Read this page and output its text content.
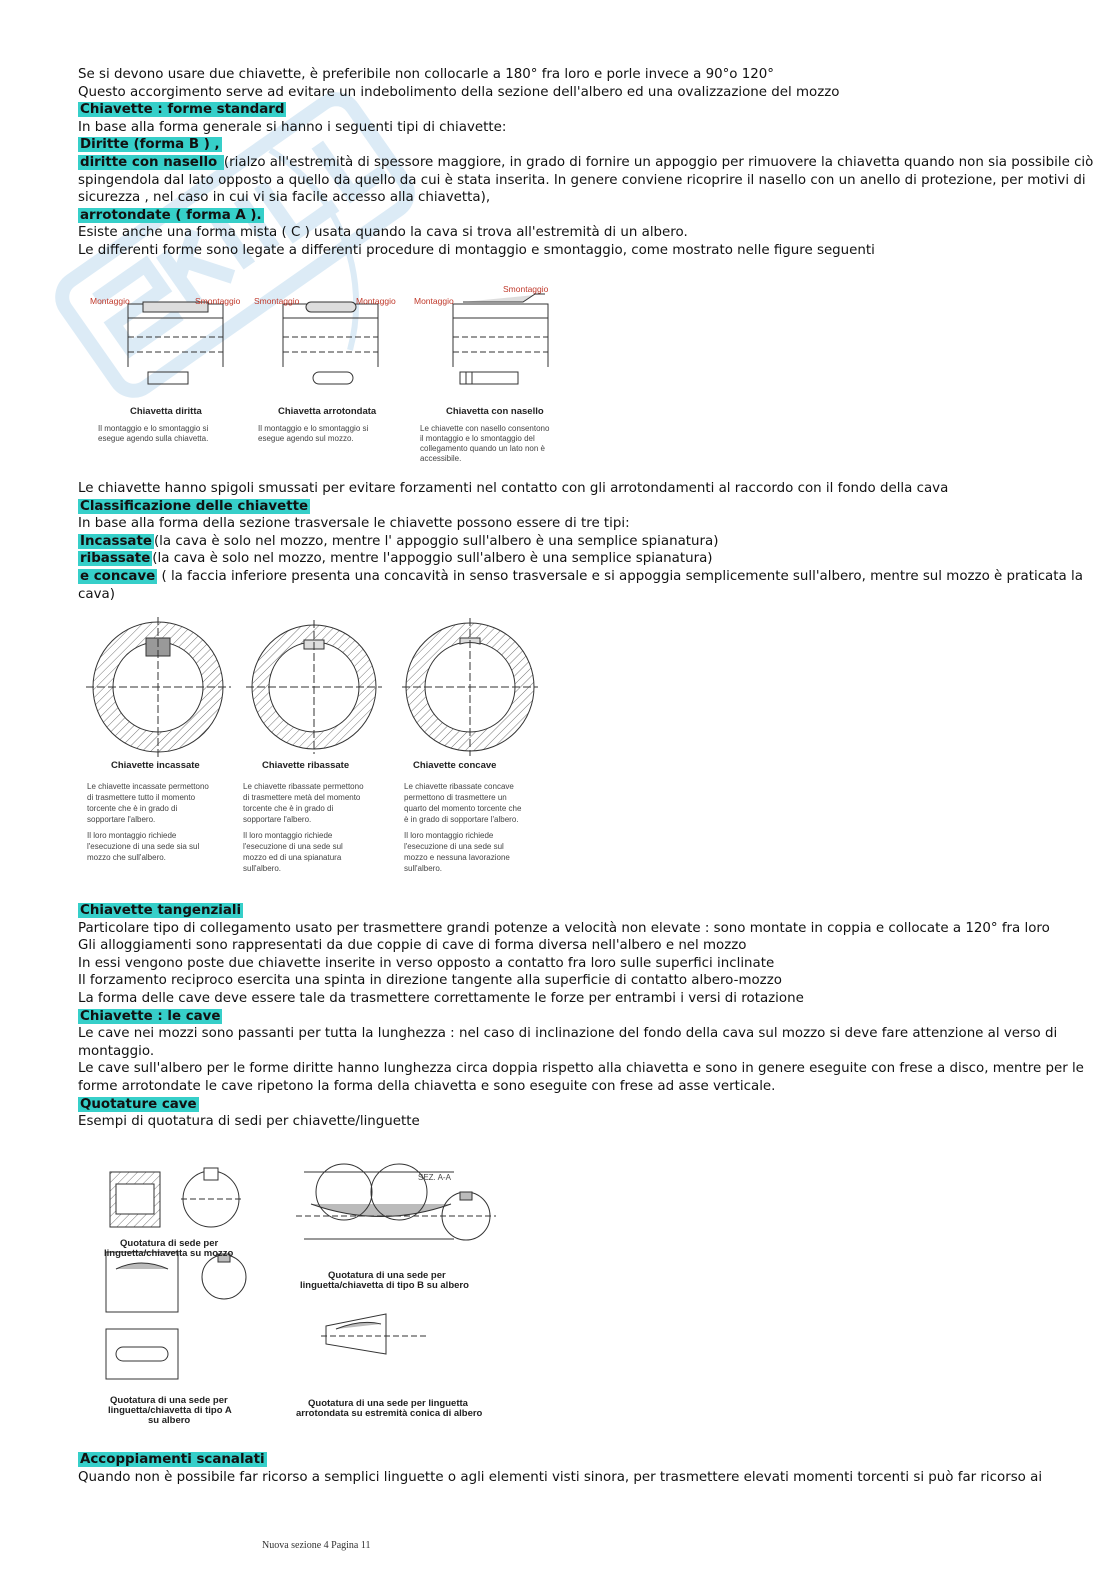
Se si devono usare due chiavette, è preferibile non collocarle a 180° fra loro e porle invece a 90°o 120°
Questo accorgimento serve ad evitare un indebolimento della sezione dell'albero ed una ovalizzazione del mozzo
Chiavette : forme standard
In base alla forma generale si hanno i seguenti tipi di chiavette:
Diritte (forma B ) ,
diritte con nasello (rialzo all'estremità di spessore maggiore, in grado di fornire un appoggio per rimuovere la chiavetta quando non sia possibile ciò spingendola dal lato opposto a quello da quello da cui è stata inserita. In genere conviene ricoprire il nasello con un anello di protezione, per motivi di sicurezza , nel caso in cui vi sia facile accesso alla chiavetta),
arrotondate ( forma A ).
Esiste anche una forma mista ( C ) usata quando la cava si trova all'estremità di un albero.
Le differenti forme sono legate a differenti procedure di montaggio e smontaggio, come mostrato nelle figure seguenti
Montaggio	Smontaggio Smontaggio	Montaggio Montaggio
Smontaggio
Chiavetta diritta	Chiavetta arrotondata	Chiavetta con nasello
Il montaggio e lo smontaggio si
esegue agendo sulla chiavetta.
Il montaggio e lo smontaggio si
esegue agendo sul mozzo.
Le chiavette con nasello consentono
il montaggio e lo smontaggio del
collegamento quando un lato non è
accessibile.
Le chiavette hanno spigoli smussati per evitare forzamenti nel contatto con gli arrotondamenti al raccordo con il fondo della cava
Classificazione delle chiavette
In base alla forma della sezione trasversale le chiavette possono essere di tre tipi:
Incassate (la cava è solo nel mozzo, mentre l' appoggio sull'albero è una semplice spianatura)
ribassate (la cava è solo nel mozzo, mentre l'appoggio sull'albero è una semplice spianatura)
e concave ( la faccia inferiore presenta una concavità in senso trasversale e si appoggia semplicemente sull'albero, mentre sul mozzo è praticata la cava)
Chiavette incassate	Chiavette ribassate	Chiavette concave
Le chiavette incassate permettono
di trasmettere tutto il momento
torcente che è in grado di
sopportare l'albero.
Il loro montaggio richiede
l'esecuzione di una sede sia sul
mozzo che sull'albero.
Le chiavette ribassate permettono
di trasmettere metà del momento
torcente che è in grado di
sopportare l'albero.
Il loro montaggio richiede
l'esecuzione di una sede sul
mozzo ed di una spianatura
sull'albero.
Le chiavette ribassate concave
permettono di trasmettere un
quarto del momento torcente che
è in grado di sopportare l'albero.
Il loro montaggio richiede
l'esecuzione di una sede sul
mozzo e nessuna lavorazione
sull'albero.
Chiavette tangenziali
Particolare tipo di collegamento usato per trasmettere grandi potenze a velocità non elevate : sono montate in coppia e collocate a 120° fra loro
Gli alloggiamenti sono rappresentati da due coppie di cave di forma diversa nell'albero e nel mozzo
In essi vengono poste due chiavette inserite in verso opposto a contatto fra loro sulle superfici inclinate
Il forzamento reciproco esercita una spinta in direzione tangente alla superficie di contatto albero-mozzo
La forma delle cave deve essere tale da trasmettere correttamente le forze per entrambi i versi di rotazione
Chiavette : le cave
Le cave nei mozzi sono passanti per tutta la lunghezza : nel caso di inclinazione del fondo della cava sul mozzo si deve fare attenzione al verso di montaggio.
Le cave sull'albero per le forme diritte hanno lunghezza circa doppia rispetto alla chiavetta e sono in genere eseguite con frese a disco, mentre per le forme arrotondate le cave ripetono la forma della chiavetta e sono eseguite con frese ad asse verticale.
Quotature cave
Esempi di quotatura di sedi per chiavette/linguette
SEZ. A-A
Quotatura di sede per
linguetta/chiavetta su mozzo
Quotatura di una sede per
linguetta/chiavetta di tipo B su albero
Quotatura di una sede per
linguetta/chiavetta di tipo A
su albero
Quotatura di una sede per linguetta
arrotondata su estremità conica di albero
Accoppiamenti scanalati
Quando non è possibile far ricorso a semplici linguette o agli elementi visti sinora, per trasmettere elevati momenti torcenti si può far ricorso ai
Nuova sezione 4 Pagina 11
